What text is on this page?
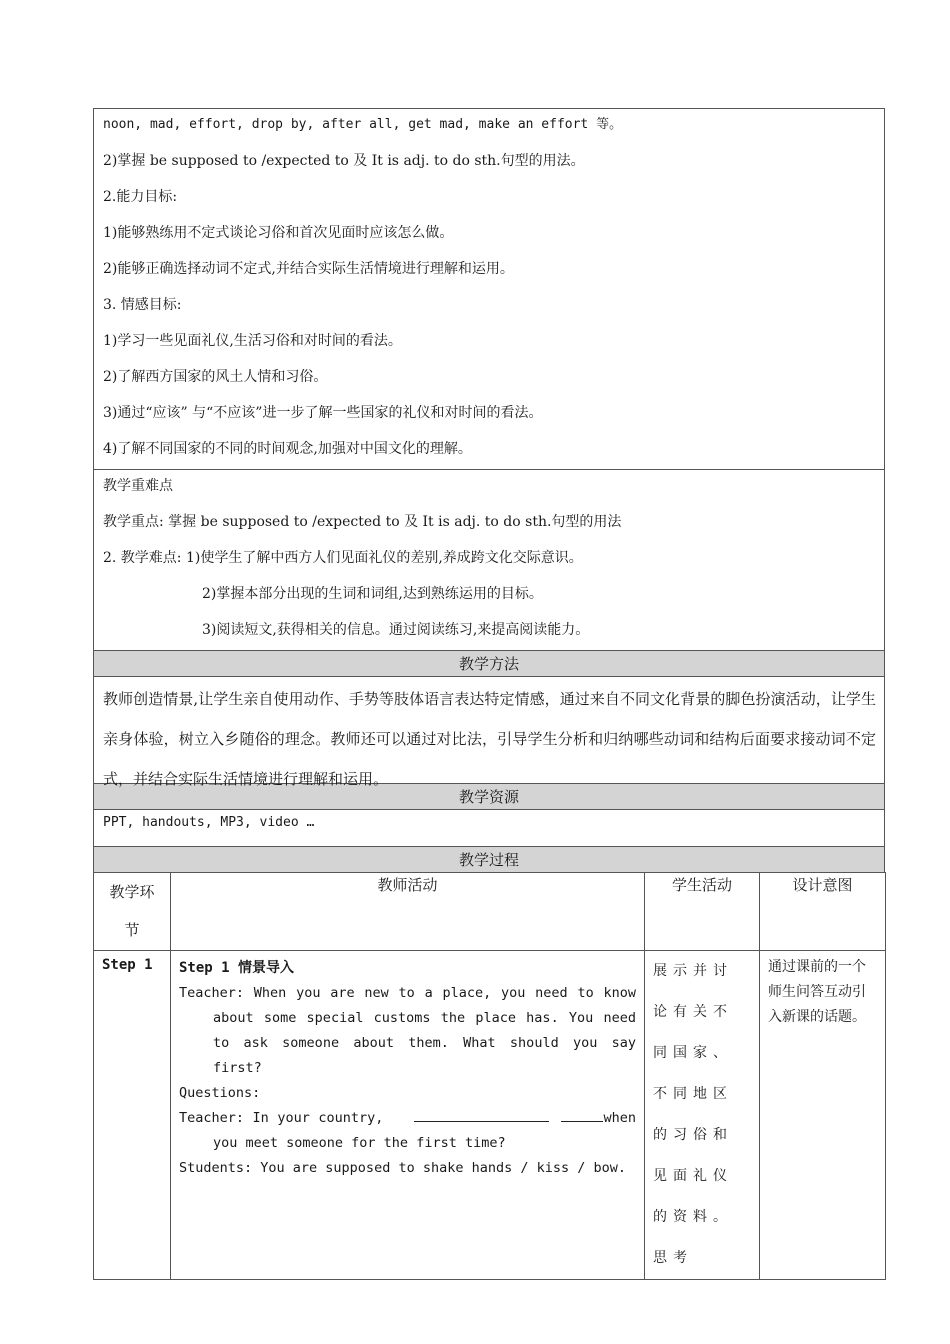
noon, mad, effort, drop by, after all, get mad, make an effort 等。
2)掌握 be supposed to /expected to 及 It is adj. to do sth.句型的用法。
2.能力目标:
1)能够熟练用不定式谈论习俗和首次见面时应该怎么做。
2)能够正确选择动词不定式,并结合实际生活情境进行理解和运用。
3. 情感目标:
1)学习一些见面礼仪,生活习俗和对时间的看法。
2)了解西方国家的风土人情和习俗。
3)通过“应该” 与“不应该”进一步了解一些国家的礼仪和对时间的看法。
4)了解不同国家的不同的时间观念,加强对中国文化的理解。
教学重难点
教学重点: 掌握 be supposed to /expected to 及 It is adj. to do sth.句型的用法
2. 教学难点: 1)使学生了解中西方人们见面礼仪的差别,养成跨文化交际意识。
2)掌握本部分出现的生词和词组,达到熟练运用的目标。
3)阅读短文,获得相关的信息。通过阅读练习,来提高阅读能力。
教学方法
教师创造情景,让学生亲自使用动作、手势等肢体语言表达特定情感，通过来自不同文化背景的脚色扮演活动，让学生亲身体验，树立入乡随俗的理念。教师还可以通过对比法，引导学生分析和归纳哪些动词和结构后面要求接动词不定式，并结合实际生活情境进行理解和运用。
教学资源
PPT, handouts, MP3, video …
教学过程
教学环节	教师活动	学生活动	设计意图
Step 1	Step 1 情景导入
Teacher: When you are new to a place, you need to know about some special customs the place has. You need to ask someone about them. What should you say first?
Questions:
Teacher: In your country, when you meet someone for the first time?
Students: You are supposed to shake hands / kiss / bow.	展示并讨论有关不同国家、不同地区的习俗和见面礼仪的资料。思考	通过课前的一个师生问答互动引入新课的话题。
